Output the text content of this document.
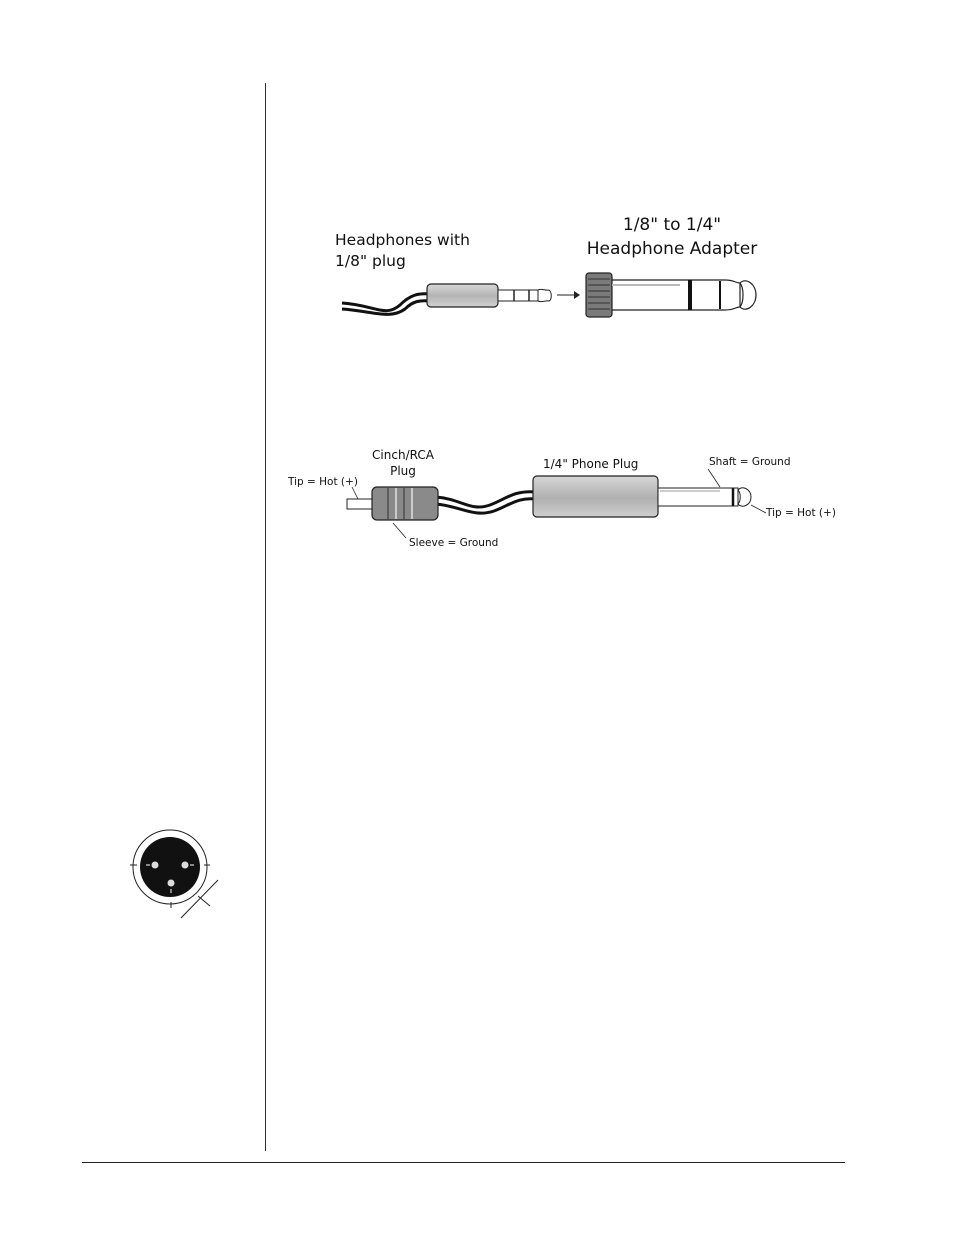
Headphones with
1/8" plug
1/8" to 1/4"
Headphone Adapter
Cinch/RCA
Plug	1/4" Phone Plug
Tip = Hot (+)
Sleeve = Ground
Shaft = Ground
Tip = Hot (+)
